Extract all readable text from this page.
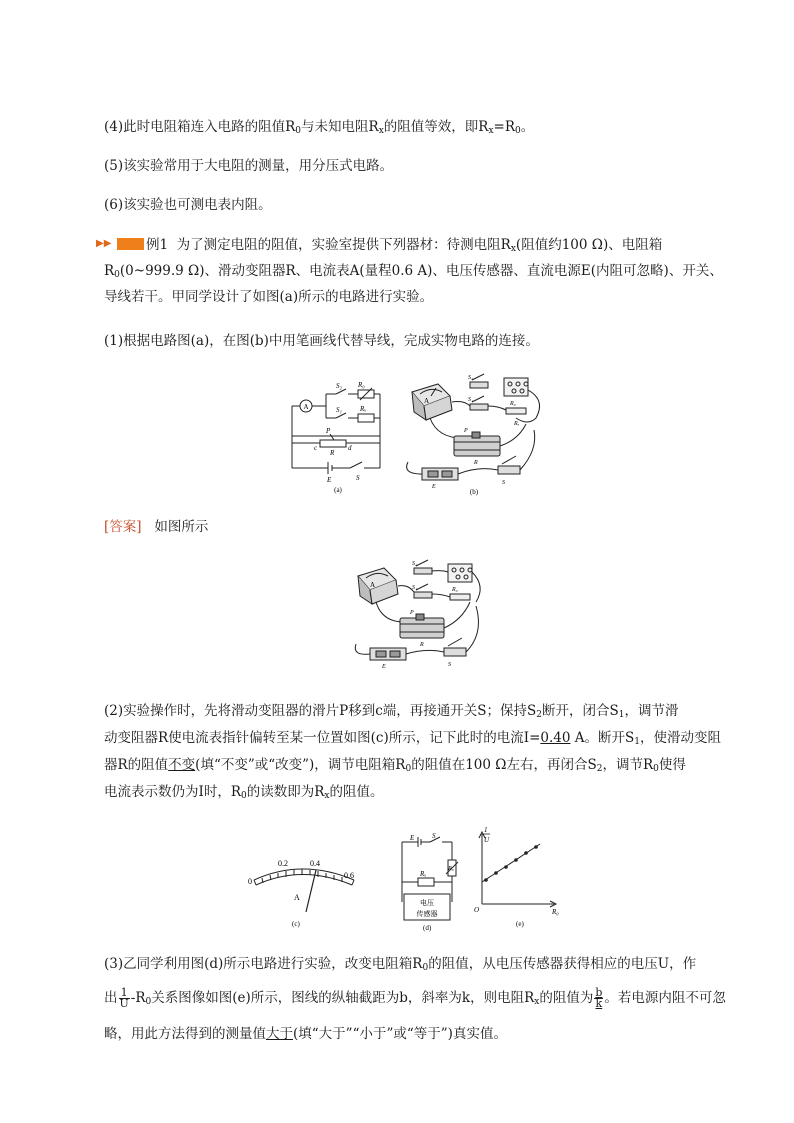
(4)此时电阻箱连入电路的阻值$R_0$与未知电阻$R_x$的阻值等效，即$R_x=R_0$。
(5)该实验常用于大电阻的测量，用分压式电路。
(6)该实验也可测电表内阻。
▶▶	例1  为了测定电阻的阻值，实验室提供下列器材：待测电阻$R_x$(阻值约100 Ω)、电阻箱
$R_0(0\sim 999.9$ Ω)、滑动变阻器R、电流表A(量程0.6 A)、电压传感器、直流电源E(内阻可忽略)、开关、
导线若干。甲同学设计了如图(a)所示的电路进行实验。
(1)根据电路图(a)，在图(b)中用笔画线代替导线，完成实物电路的连接。
A
S₂
S₁
R₀
Rₓ
P
c
R
d
E	S
(a)
A
S₂
S₁
R₀
Rₓ
P
R
E
S
(b)
[答案] 如图所示
A
S₂
S₁	R₀
P
R
E	S
(2)实验操作时，先将滑动变阻器的滑片P移到c端，再接通开关S；保持$S_2$断开，闭合$S_1$，调节滑
动变阻器R使电流表指针偏转至某一位置如图(c)所示，记下此时的电流I=0.40 A。断开$S_1$，使滑动变阻
器R的阻值不变(填“不变”或“改变”)，调节电阻箱$R_0$的阻值在100 Ω左右，再闭合$S_2$，调节$R_0$使得
电流表示数仍为I时，$R_0$的读数即为$R_x$的阻值。
0
0.2	0.4
0.6
A
(c)
E	S
Rₓ
R₀
电压
传感器
(d)
1
U
O	R₀
(e)
(3)乙同学利用图(d)所示电路进行实验，改变电阻箱$R_0$的阻值，从电压传感器获得相应的电压U，作
出 $\frac{1}{U} -R_0$关系图像如图(e)所示，图线的纵轴截距为b，斜率为k，则电阻$R_x$的阻值为 $\frac{b}{k}$ 。若电源内阻不可忽
略，用此方法得到的测量值大于(填“大于”“小于”或“等于”)真实值。
